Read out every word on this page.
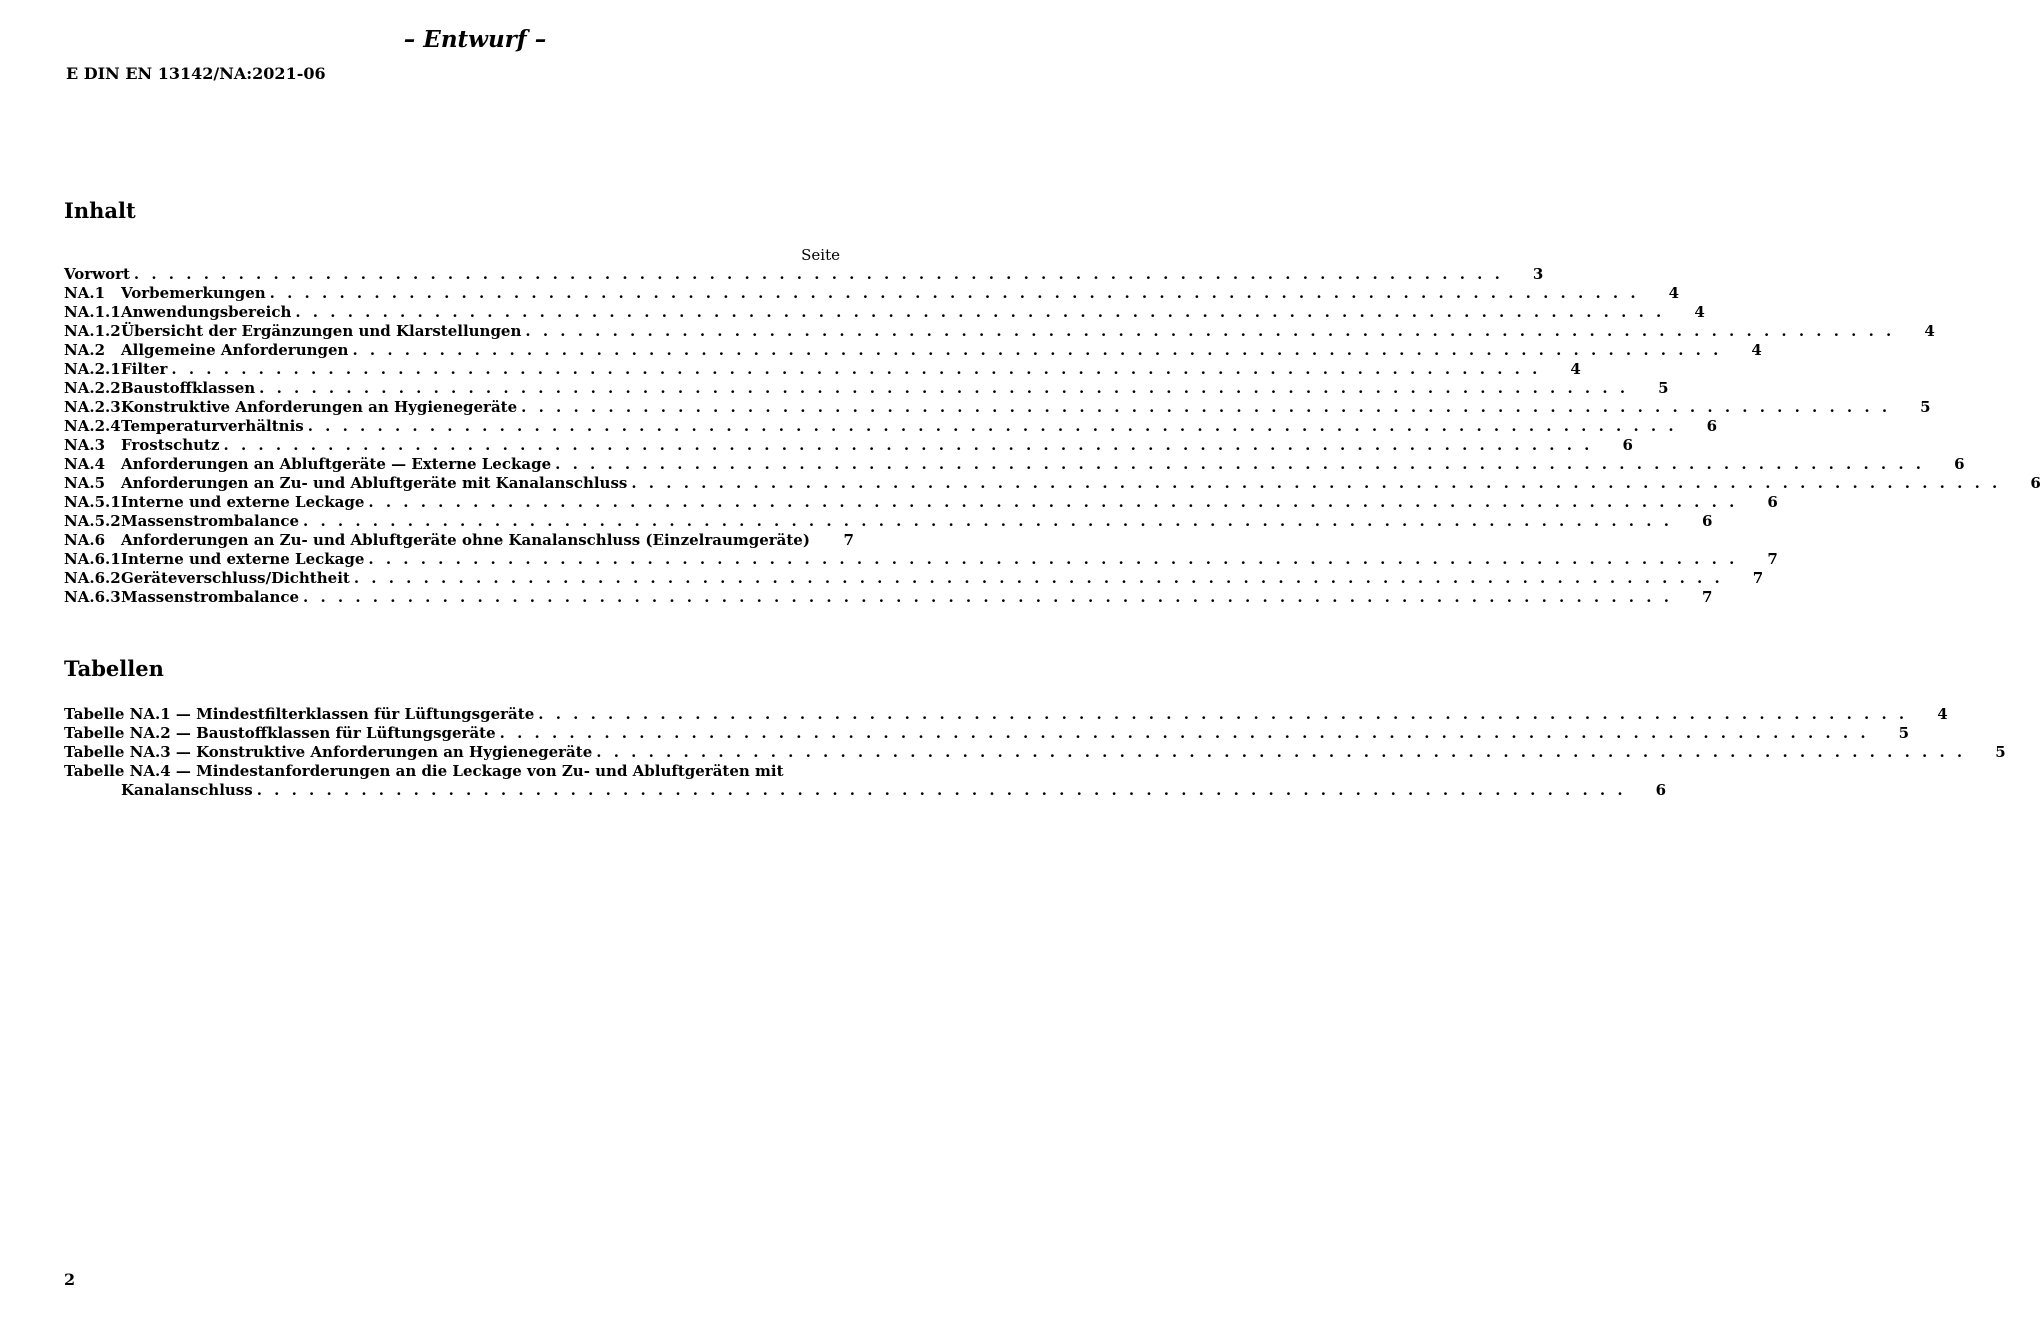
– Entwurf –
E DIN EN 13142/NA:2021-06
Inhalt
Seite
Vorwort . . . . . . . . . . . . . . . . . . . . . . . . . . . . . . . . . . . . . . . . . . . . . . . . . . . . . . . . . . . . . . . . . . . . . . . . . . . . . . .	3
NA.1	Vorbemerkungen . . . . . . . . . . . . . . . . . . . . . . . . . . . . . . . . . . . . . . . . . . . . . . . . . . . . . . . . . . . . . . . . . . . . . . . . . . . . . . .	4
NA.1.1 Anwendungsbereich . . . . . . . . . . . . . . . . . . . . . . . . . . . . . . . . . . . . . . . . . . . . . . . . . . . . . . . . . . . . . . . . . . . . . . . . . . . . . . .	4
NA.1.2 Übersicht der Ergänzungen und Klarstellungen . . . . . . . . . . . . . . . . . . . . . . . . . . . . . . . . . . . . . . . . . . . . . . . . . . . . . . . . . . . . . . . . . . . . . . . . . . . . . . .	4
NA.2	Allgemeine Anforderungen . . . . . . . . . . . . . . . . . . . . . . . . . . . . . . . . . . . . . . . . . . . . . . . . . . . . . . . . . . . . . . . . . . . . . . . . . . . . . . .	4
NA.2.1 Filter . . . . . . . . . . . . . . . . . . . . . . . . . . . . . . . . . . . . . . . . . . . . . . . . . . . . . . . . . . . . . . . . . . . . . . . . . . . . . . .	4
NA.2.2 Baustoffklassen . . . . . . . . . . . . . . . . . . . . . . . . . . . . . . . . . . . . . . . . . . . . . . . . . . . . . . . . . . . . . . . . . . . . . . . . . . . . . . .	5
NA.2.3 Konstruktive Anforderungen an Hygienegeräte . . . . . . . . . . . . . . . . . . . . . . . . . . . . . . . . . . . . . . . . . . . . . . . . . . . . . . . . . . . . . . . . . . . . . . . . . . . . . . .	5
NA.2.4 Temperaturverhältnis . . . . . . . . . . . . . . . . . . . . . . . . . . . . . . . . . . . . . . . . . . . . . . . . . . . . . . . . . . . . . . . . . . . . . . . . . . . . . . .	6
NA.3	Frostschutz . . . . . . . . . . . . . . . . . . . . . . . . . . . . . . . . . . . . . . . . . . . . . . . . . . . . . . . . . . . . . . . . . . . . . . . . . . . . . . .	6
NA.4	Anforderungen an Abluftgeräte — Externe Leckage . . . . . . . . . . . . . . . . . . . . . . . . . . . . . . . . . . . . . . . . . . . . . . . . . . . . . . . . . . . . . . . . . . . . . . . . . . . . . . .	6
NA.5	Anforderungen an Zu- und Abluftgeräte mit Kanalanschluss . . . . . . . . . . . . . . . . . . . . . . . . . . . . . . . . . . . . . . . . . . . . . . . . . . . . . . . . . . . . . . . . . . . . . . . . . . . . . . .	6
NA.5.1 Interne und externe Leckage . . . . . . . . . . . . . . . . . . . . . . . . . . . . . . . . . . . . . . . . . . . . . . . . . . . . . . . . . . . . . . . . . . . . . . . . . . . . . . .	6
NA.5.2 Massenstrombalance . . . . . . . . . . . . . . . . . . . . . . . . . . . . . . . . . . . . . . . . . . . . . . . . . . . . . . . . . . . . . . . . . . . . . . . . . . . . . . .	6
NA.6	Anforderungen an Zu- und Abluftgeräte ohne Kanalanschluss (Einzelraumgeräte)	7
NA.6.1 Interne und externe Leckage . . . . . . . . . . . . . . . . . . . . . . . . . . . . . . . . . . . . . . . . . . . . . . . . . . . . . . . . . . . . . . . . . . . . . . . . . . . . . . .	7
NA.6.2 Geräteverschluss/Dichtheit . . . . . . . . . . . . . . . . . . . . . . . . . . . . . . . . . . . . . . . . . . . . . . . . . . . . . . . . . . . . . . . . . . . . . . . . . . . . . . .	7
NA.6.3 Massenstrombalance . . . . . . . . . . . . . . . . . . . . . . . . . . . . . . . . . . . . . . . . . . . . . . . . . . . . . . . . . . . . . . . . . . . . . . . . . . . . . . .	7
Tabellen
Tabelle NA.1 — Mindestfilterklassen für Lüftungsgeräte . . . . . . . . . . . . . . . . . . . . . . . . . . . . . . . . . . . . . . . . . . . . . . . . . . . . . . . . . . . . . . . . . . . . . . . . . . . . . . .	4
Tabelle NA.2 — Baustoffklassen für Lüftungsgeräte . . . . . . . . . . . . . . . . . . . . . . . . . . . . . . . . . . . . . . . . . . . . . . . . . . . . . . . . . . . . . . . . . . . . . . . . . . . . . . .	5
Tabelle NA.3 — Konstruktive Anforderungen an Hygienegeräte . . . . . . . . . . . . . . . . . . . . . . . . . . . . . . . . . . . . . . . . . . . . . . . . . . . . . . . . . . . . . . . . . . . . . . . . . . . . . . .	5
Tabelle NA.4 — Mindestanforderungen an die Leckage von Zu- und Abluftgeräten mit
Kanalanschluss . . . . . . . . . . . . . . . . . . . . . . . . . . . . . . . . . . . . . . . . . . . . . . . . . . . . . . . . . . . . . . . . . . . . . . . . . . . . . . .	6
2
